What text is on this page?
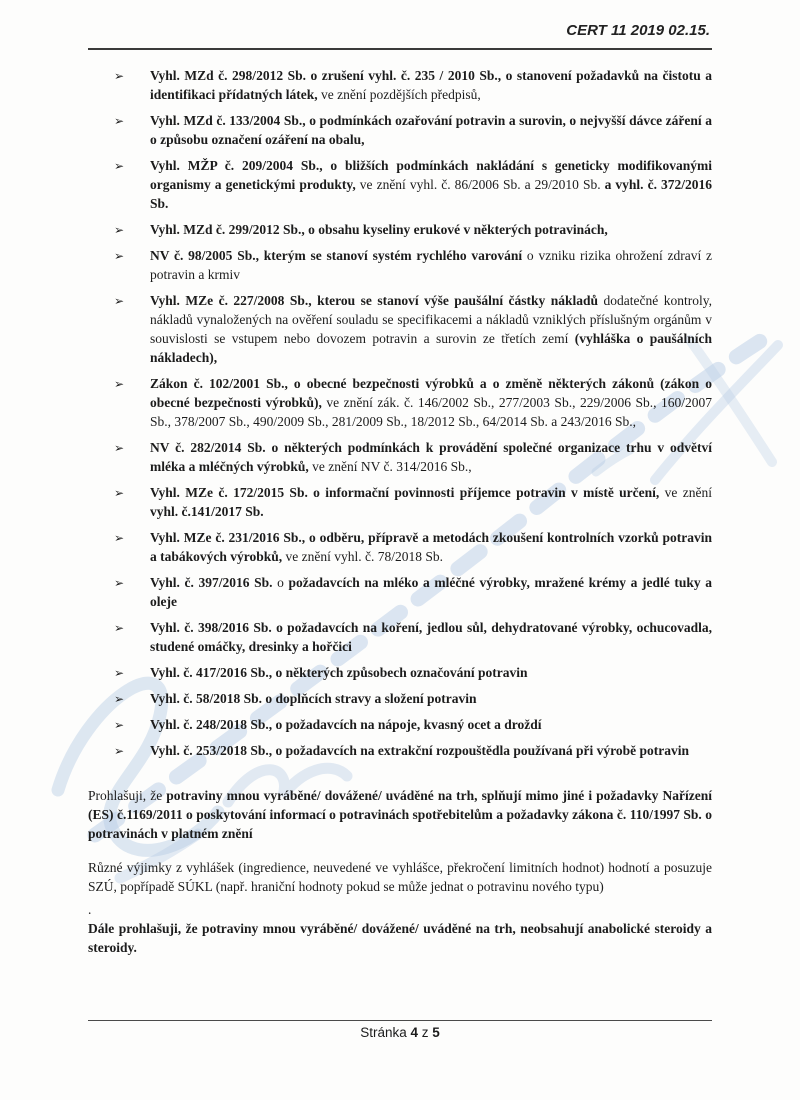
CERT 11 2019 02.15.
➢ Vyhl. MZd č. 298/2012 Sb. o zrušení vyhl. č. 235 / 2010 Sb., o stanovení požadavků na čistotu a identifikaci přídatných látek, ve znění pozdějších předpisů,
➢ Vyhl. MZd č. 133/2004 Sb., o podmínkách ozařování potravin a surovin, o nejvyšší dávce záření a o způsobu označení ozáření na obalu,
➢ Vyhl. MŽP č. 209/2004 Sb., o bližších podmínkách nakládání s geneticky modifikovanými organismy a genetickými produkty, ve znění vyhl. č. 86/2006 Sb. a 29/2010 Sb. a vyhl. č. 372/2016 Sb.
➢ Vyhl. MZd č. 299/2012 Sb., o obsahu kyseliny erukové v některých potravinách,
➢ NV č. 98/2005 Sb., kterým se stanoví systém rychlého varování o vzniku rizika ohrožení zdraví z potravin a krmiv
➢ Vyhl. MZe č. 227/2008 Sb., kterou se stanoví výše paušální částky nákladů dodatečné kontroly, nákladů vynaložených na ověření souladu se specifikacemi a nákladů vzniklých příslušným orgánům v souvislosti se vstupem nebo dovozem potravin a surovin ze třetích zemí (vyhláška o paušálních nákladech),
➢ Zákon č. 102/2001 Sb., o obecné bezpečnosti výrobků a o změně některých zákonů (zákon o obecné bezpečnosti výrobků), ve znění zák. č. 146/2002 Sb., 277/2003 Sb., 229/2006 Sb., 160/2007 Sb., 378/2007 Sb., 490/2009 Sb., 281/2009 Sb., 18/2012 Sb., 64/2014 Sb. a 243/2016 Sb.,
➢ NV č. 282/2014 Sb. o některých podmínkách k provádění společné organizace trhu v odvětví mléka a mléčných výrobků, ve znění NV č. 314/2016 Sb.,
➢ Vyhl. MZe č. 172/2015 Sb. o informační povinnosti příjemce potravin v místě určení, ve znění vyhl. č.141/2017 Sb.
➢ Vyhl. MZe č. 231/2016 Sb., o odběru, přípravě a metodách zkoušení kontrolních vzorků potravin a tabákových výrobků, ve znění vyhl. č. 78/2018 Sb.
➢ Vyhl. č. 397/2016 Sb. o požadavcích na mléko a mléčné výrobky, mražené krémy a jedlé tuky a oleje
➢ Vyhl. č. 398/2016 Sb. o požadavcích na koření, jedlou sůl, dehydratované výrobky, ochucovadla, studené omáčky, dresinky a hořčici
➢ Vyhl. č. 417/2016 Sb., o některých způsobech označování potravin
➢ Vyhl. č. 58/2018 Sb. o doplňcích stravy a složení potravin
➢ Vyhl. č. 248/2018 Sb., o požadavcích na nápoje, kvasný ocet a droždí
➢ Vyhl. č. 253/2018 Sb., o požadavcích na extrakční rozpouštědla používaná při výrobě potravin

Prohlašuji, že potraviny mnou vyráběné/ dovážené/ uváděné na trh, splňují mimo jiné i požadavky Nařízení (ES) č.1169/2011 o poskytování informací o potravinách spotřebitelům a požadavky zákona č. 110/1997 Sb. o potravinách v platném znění

Různé výjimky z vyhlášek (ingredience, neuvedené ve vyhlášce, překročení limitních hodnot) hodnotí a posuzuje SZÚ, popřípadě SÚKL (např. hraniční hodnoty pokud se může jednat o potravinu nového typu)

.

Dále prohlašuji, že potraviny mnou vyráběné/ dovážené/ uváděné na trh, neobsahují anabolické steroidy a steroidy.

Stránka 4 z 5
